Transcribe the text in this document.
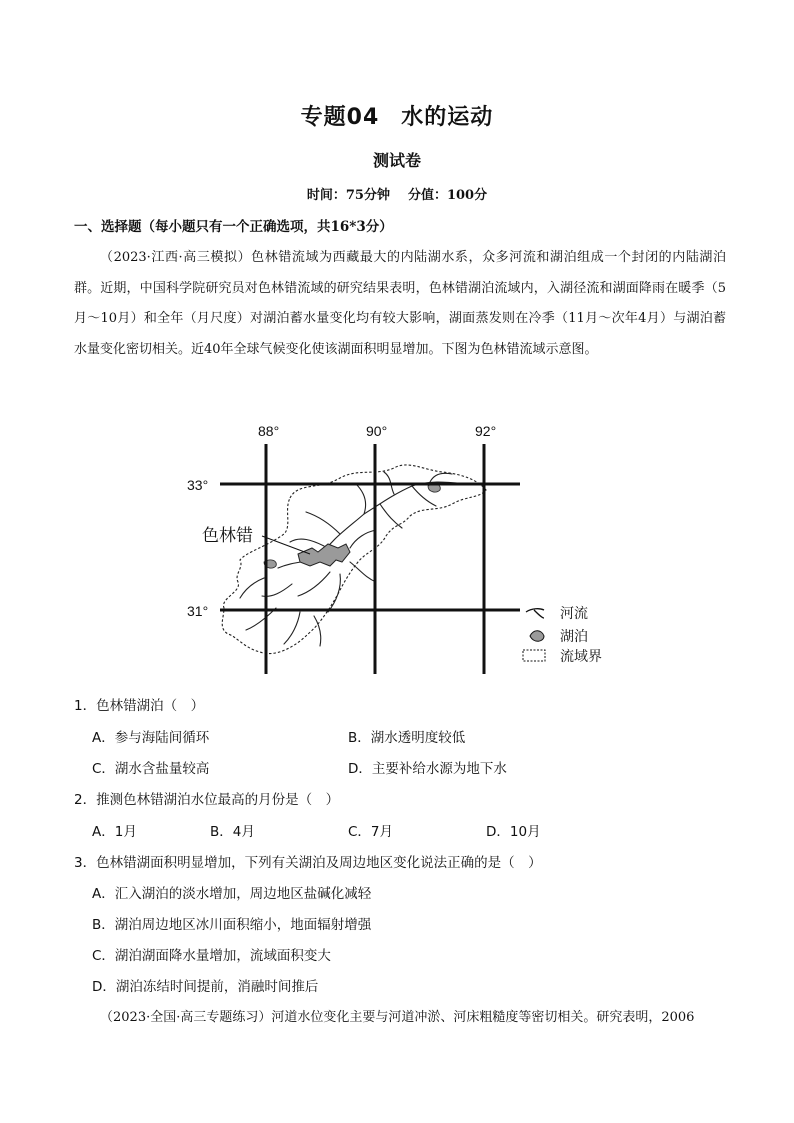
专题04 水的运动
测试卷
时间：75分钟 分值：100分
一、选择题（每小题只有一个正确选项，共16*3分）
（2023·江西·高三模拟）色林错流域为西藏最大的内陆湖水系，众多河流和湖泊组成一个封闭的内陆湖泊群。近期，中国科学院研究员对色林错流域的研究结果表明，色林错湖泊流域内，入湖径流和湖面降雨在暖季（5月～10月）和全年（月尺度）对湖泊蓄水量变化均有较大影响，湖面蒸发则在冷季（11月～次年4月）与湖泊蓄水量变化密切相关。近40年全球气候变化使该湖面积明显增加。下图为色林错流域示意图。
88°	90°	92°
33°
31°
色林错
河流
湖泊
流域界
1．色林错湖泊（　）
A．参与海陆间循环	B．湖水透明度较低
C．湖水含盐量较高	D．主要补给水源为地下水
2．推测色林错湖泊水位最高的月份是（　）
A．1月	B．4月	C．7月	D．10月
3．色林错湖面积明显增加，下列有关湖泊及周边地区变化说法正确的是（　）
A．汇入湖泊的淡水增加，周边地区盐碱化减轻
B．湖泊周边地区冰川面积缩小，地面辐射增强
C．湖泊湖面降水量增加，流域面积变大
D．湖泊冻结时间提前，消融时间推后
（2023·全国·高三专题练习）河道水位变化主要与河道冲淤、河床粗糙度等密切相关。研究表明，2006
